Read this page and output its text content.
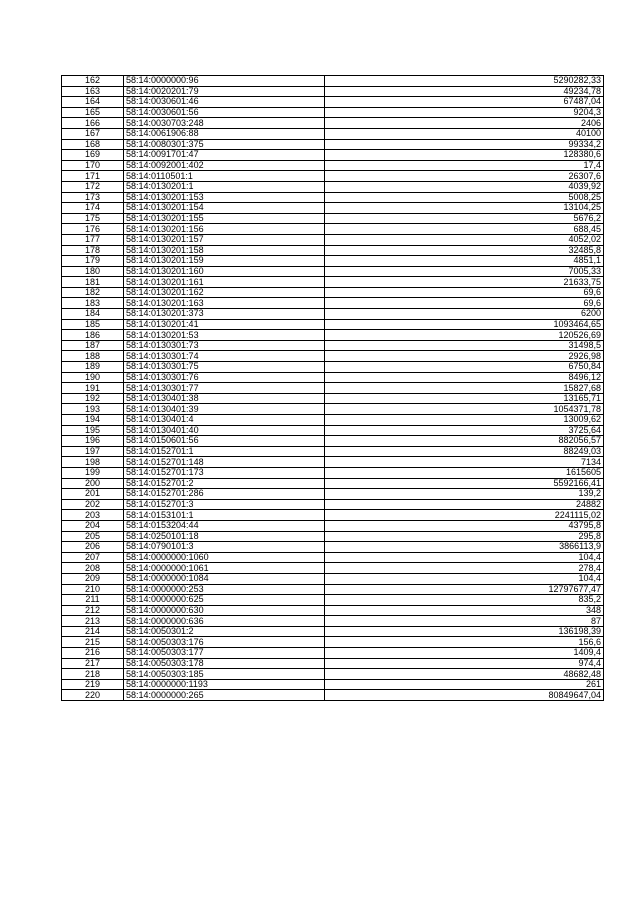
162	58:14:0000000:96	5290282,33
163	58:14:0020201:79	49234,78
164	58:14:0030601:46	67487,04
165	58:14:0030601:56	9204,3
166	58:14:0030703:248	2406
167	58:14:0061906:88	40100
168	58:14:0080301:375	99334,2
169	58:14:0091701:47	128380,6
170	58:14:0092001:402	17,4
171	58:14:0110501:1	26307,6
172	58:14:0130201:1	4039,92
173	58:14:0130201:153	5008,25
174	58:14:0130201:154	13104,25
175	58:14:0130201:155	5676,2
176	58:14:0130201:156	688,45
177	58:14:0130201:157	4052,02
178	58:14:0130201:158	32485,8
179	58:14:0130201:159	4851,1
180	58:14:0130201:160	7005,33
181	58:14:0130201:161	21633,75
182	58:14:0130201:162	69,6
183	58:14:0130201:163	69,6
184	58:14:0130201:373	6200
185	58:14:0130201:41	1093464,65
186	58:14:0130201:53	120526,69
187	58:14:0130301:73	31498,5
188	58:14:0130301:74	2926,98
189	58:14:0130301:75	6750,84
190	58:14:0130301:76	8496,12
191	58:14:0130301:77	15827,68
192	58:14:0130401:38	13165,71
193	58:14:0130401:39	1054371,78
194	58:14:0130401:4	13009,62
195	58:14:0130401:40	3725,64
196	58:14:0150601:56	882056,57
197	58:14:0152701:1	88249,03
198	58:14:0152701:148	7134
199	58:14:0152701:173	1615605
200	58:14:0152701:2	5592166,41
201	58:14:0152701:286	139,2
202	58:14:0152701:3	24882
203	58:14:0153101:1	2241115,02
204	58:14:0153204:44	43795,8
205	58:14:0250101:18	295,8
206	58:14:0790101:3	3866113,9
207	58:14:0000000:1060	104,4
208	58:14:0000000:1061	278,4
209	58:14:0000000:1084	104,4
210	58:14:0000000:253	12797677,47
211	58:14:0000000:625	835,2
212	58:14:0000000:630	348
213	58:14:0000000:636	87
214	58:14:0050301:2	136198,39
215	58:14:0050303:176	156,6
216	58:14:0050303:177	1409,4
217	58:14:0050303:178	974,4
218	58:14:0050303:185	48682,48
219	58:14:0000000:1193	261
220	58:14:0000000:265	80849647,04
